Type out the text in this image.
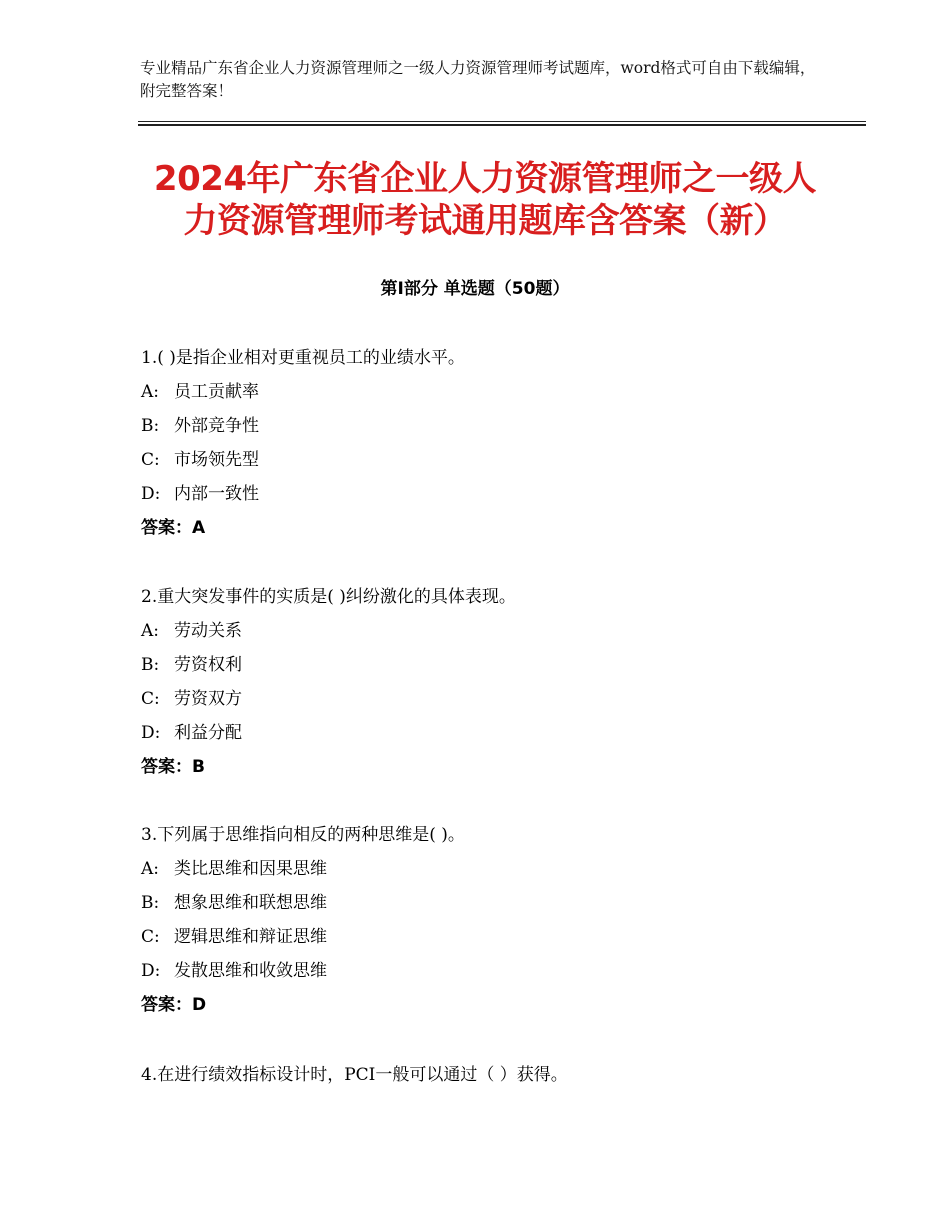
专业精品广东省企业人力资源管理师之一级人力资源管理师考试题库，word格式可自由下载编辑，附完整答案！
2024年广东省企业人力资源管理师之一级人力资源管理师考试通用题库含答案（新）
第Ⅰ部分 单选题（50题）
1.( )是指企业相对更重视员工的业绩水平。
A: 员工贡献率
B: 外部竞争性
C: 市场领先型
D: 内部一致性
答案：A
2.重大突发事件的实质是( )纠纷激化的具体表现。
A: 劳动关系
B: 劳资权利
C: 劳资双方
D: 利益分配
答案：B
3.下列属于思维指向相反的两种思维是( )。
A: 类比思维和因果思维
B: 想象思维和联想思维
C: 逻辑思维和辩证思维
D: 发散思维和收敛思维
答案：D
4.在进行绩效指标设计时，PCI一般可以通过（ ）获得。
